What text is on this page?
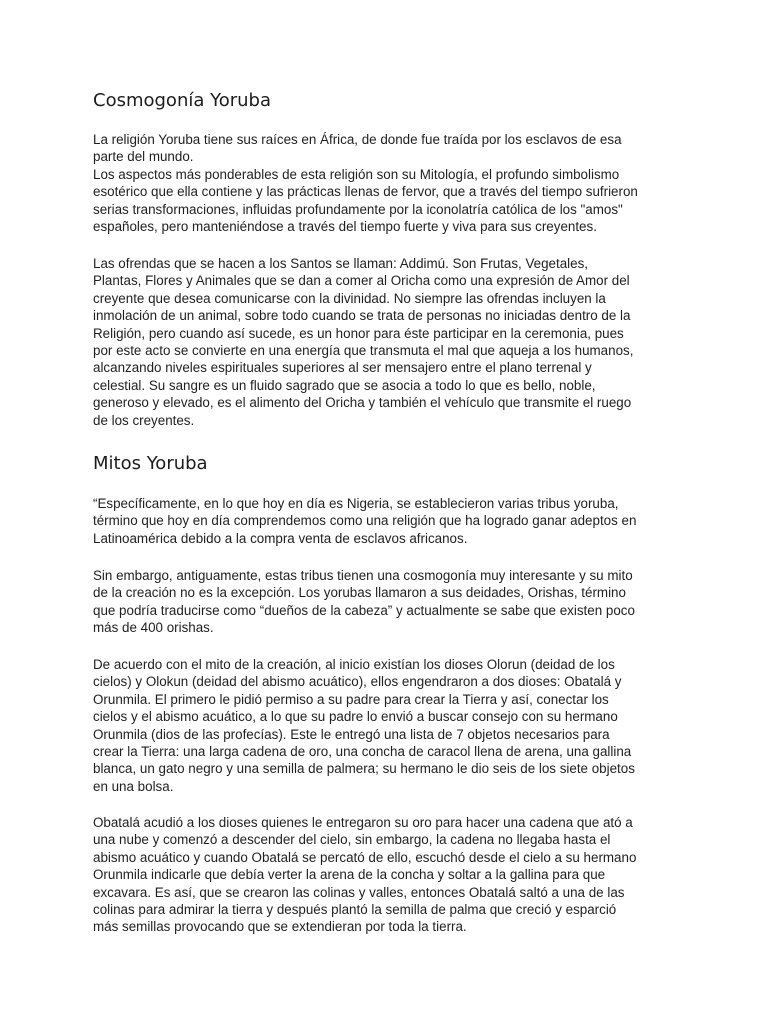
Cosmogonía Yoruba

La religión Yoruba tiene sus raíces en África, de donde fue traída por los esclavos de esa
parte del mundo.
Los aspectos más ponderables de esta religión son su Mitología, el profundo simbolismo
esotérico que ella contiene y las prácticas llenas de fervor, que a través del tiempo sufrieron
serias transformaciones, influidas profundamente por la iconolatría católica de los "amos"
españoles, pero manteniéndose a través del tiempo fuerte y viva para sus creyentes.

Las ofrendas que se hacen a los Santos se llaman: Addimú. Son Frutas, Vegetales,
Plantas, Flores y Animales que se dan a comer al Oricha como una expresión de Amor del
creyente que desea comunicarse con la divinidad. No siempre las ofrendas incluyen la
inmolación de un animal, sobre todo cuando se trata de personas no iniciadas dentro de la
Religión, pero cuando así sucede, es un honor para éste participar en la ceremonia, pues
por este acto se convierte en una energía que transmuta el mal que aqueja a los humanos,
alcanzando niveles espirituales superiores al ser mensajero entre el plano terrenal y
celestial. Su sangre es un fluido sagrado que se asocia a todo lo que es bello, noble,
generoso y elevado, es el alimento del Oricha y también el vehículo que transmite el ruego
de los creyentes.

Mitos Yoruba

“Específicamente, en lo que hoy en día es Nigeria, se establecieron varias tribus yoruba,
término que hoy en día comprendemos como una religión que ha logrado ganar adeptos en
Latinoamérica debido a la compra venta de esclavos africanos.

Sin embargo, antiguamente, estas tribus tienen una cosmogonía muy interesante y su mito
de la creación no es la excepción. Los yorubas llamaron a sus deidades, Orishas, término
que podría traducirse como “dueños de la cabeza” y actualmente se sabe que existen poco
más de 400 orishas.

De acuerdo con el mito de la creación, al inicio existían los dioses Olorun (deidad de los
cielos) y Olokun (deidad del abismo acuático), ellos engendraron a dos dioses: Obatalá y
Orunmila. El primero le pidió permiso a su padre para crear la Tierra y así, conectar los
cielos y el abismo acuático, a lo que su padre lo envió a buscar consejo con su hermano
Orunmila (dios de las profecías). Este le entregó una lista de 7 objetos necesarios para
crear la Tierra: una larga cadena de oro, una concha de caracol llena de arena, una gallina
blanca, un gato negro y una semilla de palmera; su hermano le dio seis de los siete objetos
en una bolsa.

Obatalá acudió a los dioses quienes le entregaron su oro para hacer una cadena que ató a
una nube y comenzó a descender del cielo, sin embargo, la cadena no llegaba hasta el
abismo acuático y cuando Obatalá se percató de ello, escuchó desde el cielo a su hermano
Orunmila indicarle que debía verter la arena de la concha y soltar a la gallina para que
excavara. Es así, que se crearon las colinas y valles, entonces Obatalá saltó a una de las
colinas para admirar la tierra y después plantó la semilla de palma que creció y esparció
más semillas provocando que se extendieran por toda la tierra.
